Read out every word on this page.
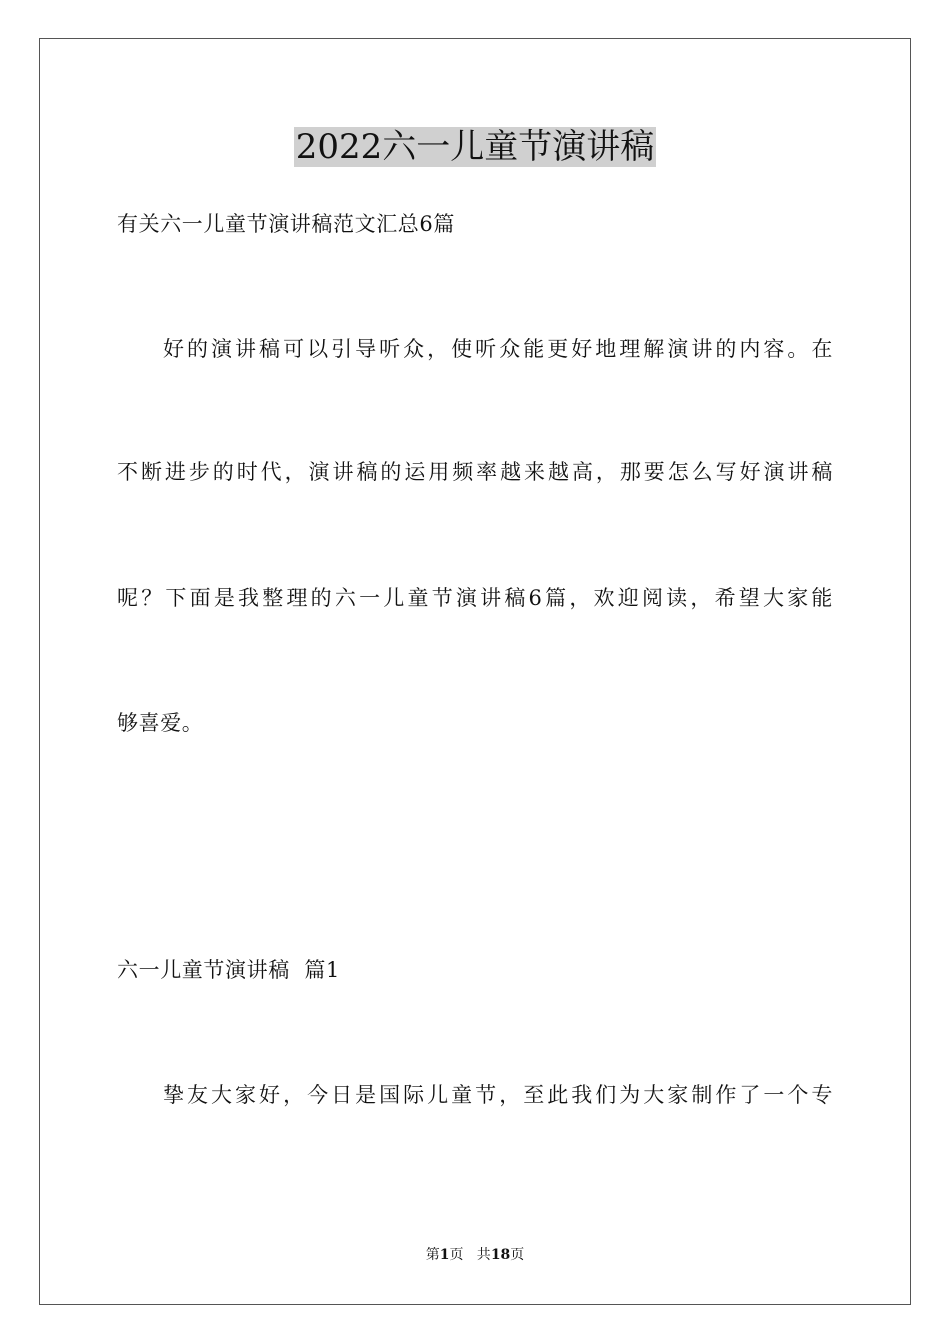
2022六一儿童节演讲稿
有关六一儿童节演讲稿范文汇总6篇
好的演讲稿可以引导听众，使听众能更好地理解演讲的内容。在
不断进步的时代，演讲稿的运用频率越来越高，那要怎么写好演讲稿
呢？下面是我整理的六一儿童节演讲稿6篇，欢迎阅读，希望大家能
够喜爱。
六一儿童节演讲稿  篇1
挚友大家好，今日是国际儿童节，至此我们为大家制作了一个专
第1页   共18页
